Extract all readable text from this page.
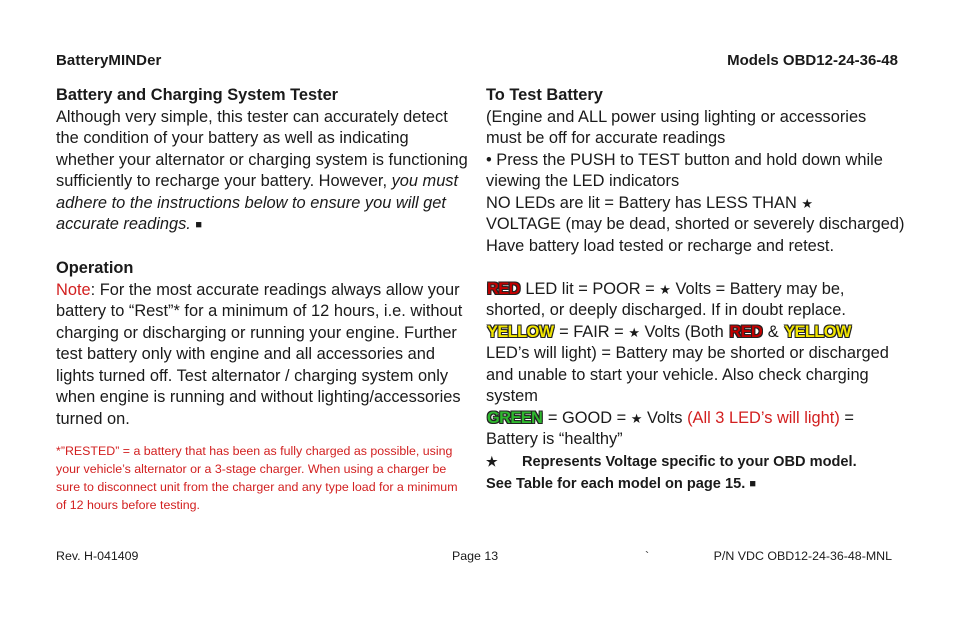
BatteryMINDer	Models OBD12-24-36-48
Battery and Charging System Tester

Although very simple, this tester can accurately detect the condition of your battery as well as indicating whether your alternator or charging system is functioning sufficiently to recharge your battery. However, you must adhere to the instructions below to ensure you will get accurate readings. ■

Operation

Note: For the most accurate readings always allow your battery to “Rest”* for a minimum of 12 hours, i.e. without charging or discharging or running your engine. Further test battery only with engine and all accessories and lights turned off. Test alternator / charging system only when engine is running and without lighting/accessories turned on.

*”RESTED” = a battery that has been as fully charged as possible, using your vehicle’s alternator or a 3-stage charger. When using a charger be sure to disconnect unit from the charger and any type load for a minimum of 12 hours before testing.

To Test Battery

(Engine and ALL power using lighting or accessories must be off for accurate readings

• Press the PUSH to TEST button and hold down while viewing the LED indicators

NO LEDs are lit = Battery has LESS THAN ★
VOLTAGE (may be dead, shorted or severely discharged) Have battery load tested or recharge and retest.

RED LED lit = POOR = ★ Volts = Battery may be, shorted, or deeply discharged. If in doubt replace.

YELLOW = FAIR = ★ Volts (Both RED & YELLOW
LED’s will light) = Battery may be shorted or discharged and unable to start your vehicle. Also check charging system

GREEN = GOOD = ★ Volts (All 3 LED’s will light) = Battery is “healthy”

★ Represents Voltage specific to your OBD model.
See Table for each model on page 15. ■

Rev. H-041409	Page 13	`	P/N VDC OBD12-24-36-48-MNL
